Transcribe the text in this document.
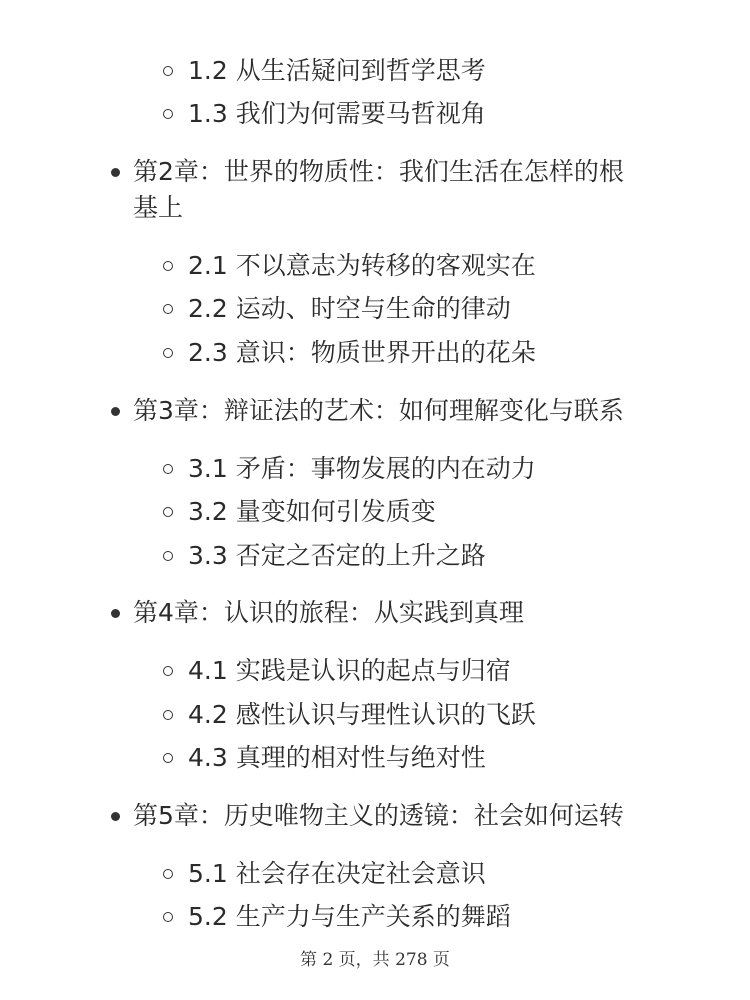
1.2 从生活疑问到哲学思考
1.3 我们为何需要马哲视角
第2章：世界的物质性：我们生活在怎样的根
基上
2.1 不以意志为转移的客观实在
2.2 运动、时空与生命的律动
2.3 意识：物质世界开出的花朵
第3章：辩证法的艺术：如何理解变化与联系
3.1 矛盾：事物发展的内在动力
3.2 量变如何引发质变
3.3 否定之否定的上升之路
第4章：认识的旅程：从实践到真理
4.1 实践是认识的起点与归宿
4.2 感性认识与理性认识的飞跃
4.3 真理的相对性与绝对性
第5章：历史唯物主义的透镜：社会如何运转
5.1 社会存在决定社会意识
5.2 生产力与生产关系的舞蹈
第 2 页，共 278 页
